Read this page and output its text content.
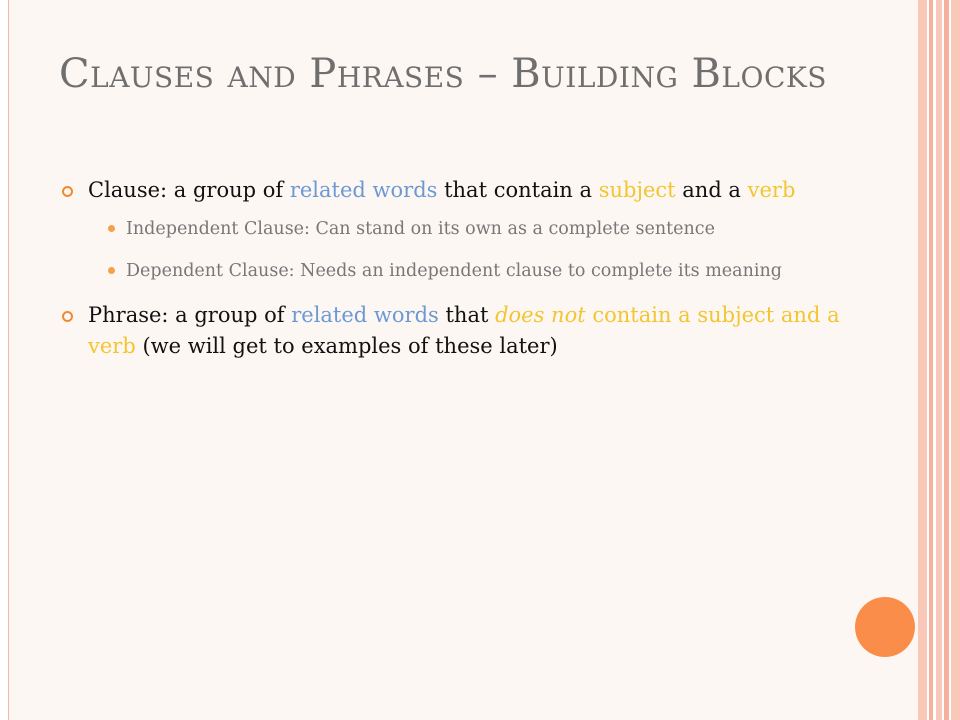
Clauses and Phrases – Building Blocks
Clause: a group of related words that contain a subject and a verb
Independent Clause: Can stand on its own as a complete sentence
Dependent Clause: Needs an independent clause to complete its meaning
Phrase: a group of related words that does not contain a subject and a verb (we will get to examples of these later)
